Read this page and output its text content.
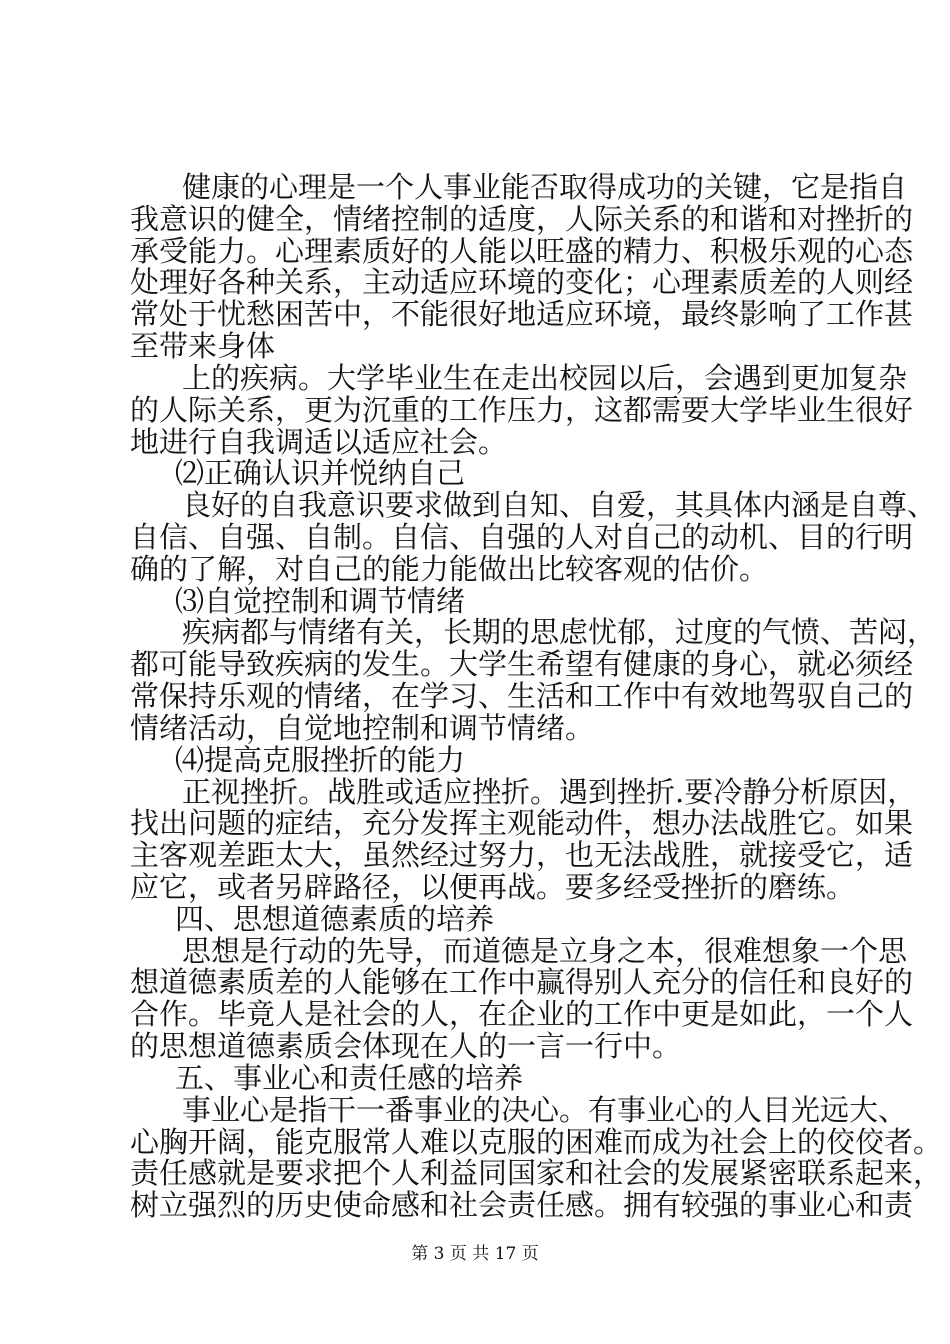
健康的心理是一个人事业能否取得成功的关键，它是指自
我意识的健全，情绪控制的适度，人际关系的和谐和对挫折的
承受能力。心理素质好的人能以旺盛的精力、积极乐观的心态
处理好各种关系，主动适应环境的变化；心理素质差的人则经
常处于忧愁困苦中，不能很好地适应环境，最终影响了工作甚
至带来身体
上的疾病。大学毕业生在走出校园以后，会遇到更加复杂
的人际关系，更为沉重的工作压力，这都需要大学毕业生很好
地进行自我调适以适应社会。
⑵正确认识并悦纳自己
良好的自我意识要求做到自知、自爱，其具体内涵是自尊、
自信、自强、自制。自信、自强的人对自己的动机、目的行明
确的了解，对自己的能力能做出比较客观的估价。
⑶自觉控制和调节情绪
疾病都与情绪有关，长期的思虑忧郁，过度的气愤、苦闷，
都可能导致疾病的发生。大学生希望有健康的身心，就必须经
常保持乐观的情绪，在学习、生活和工作中有效地驾驭自己的
情绪活动，自觉地控制和调节情绪。
⑷提高克服挫折的能力
正视挫折。战胜或适应挫折。遇到挫折.要冷静分析原因，
找出问题的症结，充分发挥主观能动件，想办法战胜它。如果
主客观差距太大，虽然经过努力，也无法战胜，就接受它，适
应它，或者另辟路径，以便再战。要多经受挫折的磨练。
四、思想道德素质的培养
思想是行动的先导，而道德是立身之本，很难想象一个思
想道德素质差的人能够在工作中赢得别人充分的信任和良好的
合作。毕竟人是社会的人，在企业的工作中更是如此，一个人
的思想道德素质会体现在人的一言一行中。
五、事业心和责任感的培养
事业心是指干一番事业的决心。有事业心的人目光远大、
心胸开阔，能克服常人难以克服的困难而成为社会上的佼佼者。
责任感就是要求把个人利益同国家和社会的发展紧密联系起来，
树立强烈的历史使命感和社会责任感。拥有较强的事业心和责
第 3 页 共 17 页
